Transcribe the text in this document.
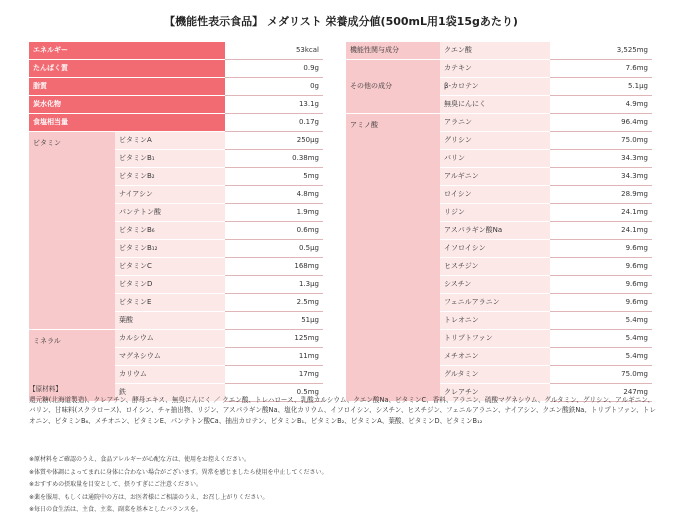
【機能性表示食品】 メダリスト 栄養成分値(500mL用1袋15gあたり)
エネルギー		53kcal
たんぱく質		0.9g
脂質		0g
炭水化物		13.1g
食塩相当量		0.17g
ビタミン	ビタミンA	250μg
	ビタミンB₁	0.38mg
	ビタミンB₂	5mg
	ナイアシン	4.8mg
	パンテトン酸	1.9mg
	ビタミンB₆	0.6mg
	ビタミンB₁₂	0.5μg
	ビタミンC	168mg
	ビタミンD	1.3μg
	ビタミンE	2.5mg
	葉酸	51μg
ミネラル	カルシウム	125mg
	マグネシウム	11mg
	カリウム	17mg
	鉄	0.5mg
機能性関与成分	クエン酸	3,525mg
その他の成分	カテキン	7.6mg
	β-カロテン	5.1μg
	無臭にんにく	4.9mg
アミノ酸	アラニン	96.4mg
	グリシン	75.0mg
	バリン	34.3mg
	アルギニン	34.3mg
	ロイシン	28.9mg
	リジン	24.1mg
	アスパラギン酸Na	24.1mg
	イソロイシン	9.6mg
	ヒスチジン	9.6mg
	シスチン	9.6mg
	フェニルアラニン	9.6mg
	トレオニン	5.4mg
	トリプトファン	5.4mg
	メチオニン	5.4mg
	グルタミン	75.0mg
	クレアチン	247mg
【原材料】
還元糖(北海道製造)、クレアチン、酵母エキス、無臭にんにく ／ クエン酸、トレハロース、乳酸カルシウム、クエン酸Na、ビタミンC、香料、アラニン、硫酸マグネシウム、グルタミン、グリシン、アルギニン、バリン、甘味料(スクラロース)、ロイシン、チャ抽出物、リジン、アスパラギン酸Na、塩化カリウム、イソロイシン、シスチン、ヒスチジン、フェニルアラニン、ナイアシン、クエン酸鉄Na、トリプトファン、トレオニン、ビタミンB₆、メチオニン、ビタミンE、パンテトン酸Ca、抽出カロテン、ビタミンB₁、ビタミンB₂、ビタミンA、葉酸、ビタミンD、ビタミンB₁₂
※原材料をご確認のうえ、食品アレルギーが心配な方は、使用をお控えください。
※体質や体調によってまれに身体に合わない場合がございます。異常を感じましたら使用を中止してください。
※おすすめの摂取量を目安として、摂りすぎにご注意ください。
※薬を服用、もしくは通院中の方は、お医者様にご相談のうえ、お召し上がりください。
※毎日の食生活は、主食、主菜、副菜を基本としたバランスを。
